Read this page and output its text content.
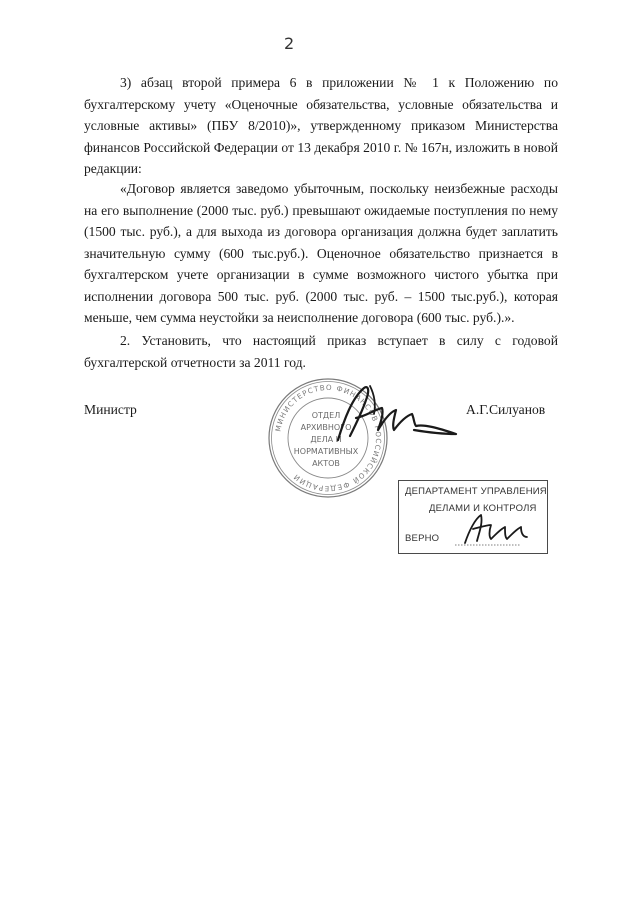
2

3) абзац второй примера 6 в приложении № 1 к Положению по бухгалтерскому учету «Оценочные обязательства, условные обязательства и условные активы» (ПБУ 8/2010)», утвержденному приказом Министерства финансов Российской Федерации от 13 декабря 2010 г. № 167н, изложить в новой редакции:

«Договор является заведомо убыточным, поскольку неизбежные расходы на его выполнение (2000 тыс. руб.) превышают ожидаемые поступления по нему (1500 тыс. руб.), а для выхода из договора организация должна будет заплатить значительную сумму (600 тыс.руб.). Оценочное обязательство признается в бухгалтерском учете организации в сумме возможного чистого убытка при исполнении договора 500 тыс. руб. (2000 тыс. руб. – 1500 тыс.руб.), которая меньше, чем сумма неустойки за неисполнение договора (600 тыс. руб.).».

2. Установить, что настоящий приказ вступает в силу с годовой бухгалтерской отчетности за 2011 год.

Министр	А.Г.Силуанов
МИНИСТЕРСТВО ФИНАНСОВ РОССИЙСКОЙ ФЕДЕРАЦИИ
ОТДЕЛ
АРХИВНОГО
ДЕЛА И
НОРМАТИВНЫХ
АКТОВ
ДЕПАРТАМЕНТ УПРАВЛЕНИЯ
ДЕЛАМИ И КОНТРОЛЯ
ВЕРНО
